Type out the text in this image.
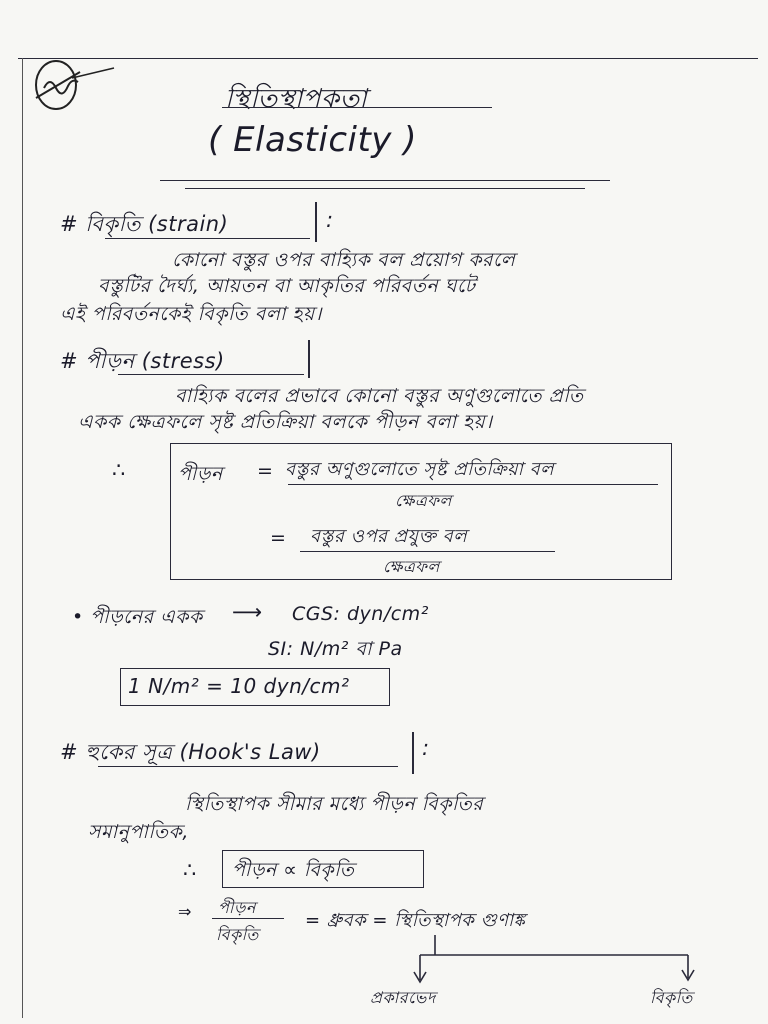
স্থিতিস্থাপকতা
( Elasticity )
# বিকৃতি (strain)	:
কোনো বস্তুর ওপর বাহ্যিক বল প্রয়োগ করলে
বস্তুটির দৈর্ঘ্য, আয়তন বা আকৃতির পরিবর্তন ঘটে
এই পরিবর্তনকেই বিকৃতি বলা হয়।
# পীড়ন (stress)
বাহ্যিক বলের প্রভাবে কোনো বস্তুর অণুগুলোতে প্রতি
একক ক্ষেত্রফলে সৃষ্ট প্রতিক্রিয়া বলকে পীড়ন বলা হয়।
∴	পীড়ন = বস্তুর অণুগুলোতে সৃষ্ট প্রতিক্রিয়া বল
ক্ষেত্রফল
= বস্তুর ওপর প্রযুক্ত বল
ক্ষেত্রফল
• পীড়নের একক ⟶ CGS: dyn/cm²
SI: N/m² বা Pa
1 N/m² = 10 dyn/cm²
# হুকের সূত্র (Hook's Law)	:
স্থিতিস্থাপক সীমার মধ্যে পীড়ন বিকৃতির
সমানুপাতিক,
∴ পীড়ন ∝ বিকৃতি
⇒ পীড়ন
বিকৃতি
= ধ্রুবক = স্থিতিস্থাপক গুণাঙ্ক
প্রকারভেদ	বিকৃতি
